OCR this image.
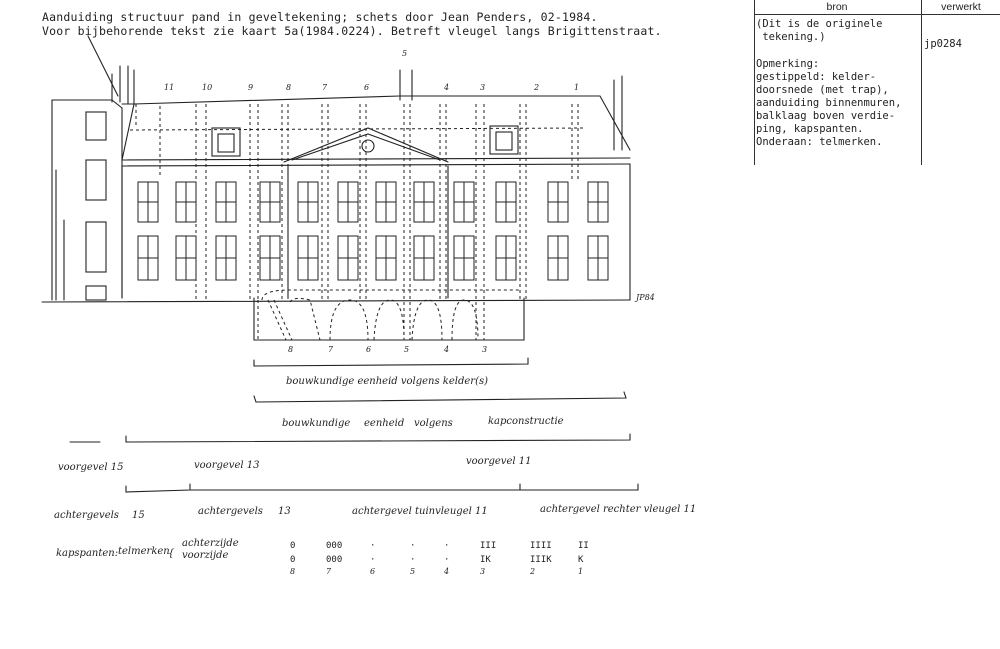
Aanduiding structuur pand in geveltekening; schets door Jean Penders, 02-1984.
Voor bijbehorende tekst zie kaart 5a(1984.0224). Betreft vleugel langs Brigittenstraat.
bron	verwerkt
(Dit is de originele
tekening.)
jp0284
Opmerking:
gestippeld: kelder-
doorsnede (met trap),
aanduiding binnenmuren,
balklaag boven verdie-
ping, kapspanten.
Onderaan: telmerken.
11	10	9	8	7	6
5
4	3	2	1
8	7	6	5	4	3
JP84
bouwkundige eenheid volgens kelder(s)
bouwkundige eenheid volgens	kapconstructie
voorgevel 15	voorgevel 13	voorgevel 11
achtergevels 15	achtergevels 13	achtergevel tuinvleugel 11	achtergevel rechter vleugel 11
kapspanten: telmerken
{
achterzijde
voorzijde
0	000	·	·	·	III	IIII	II
0	000	·	·	·	IK	IIIK	K
8	7	6	5	4	3	2	1
